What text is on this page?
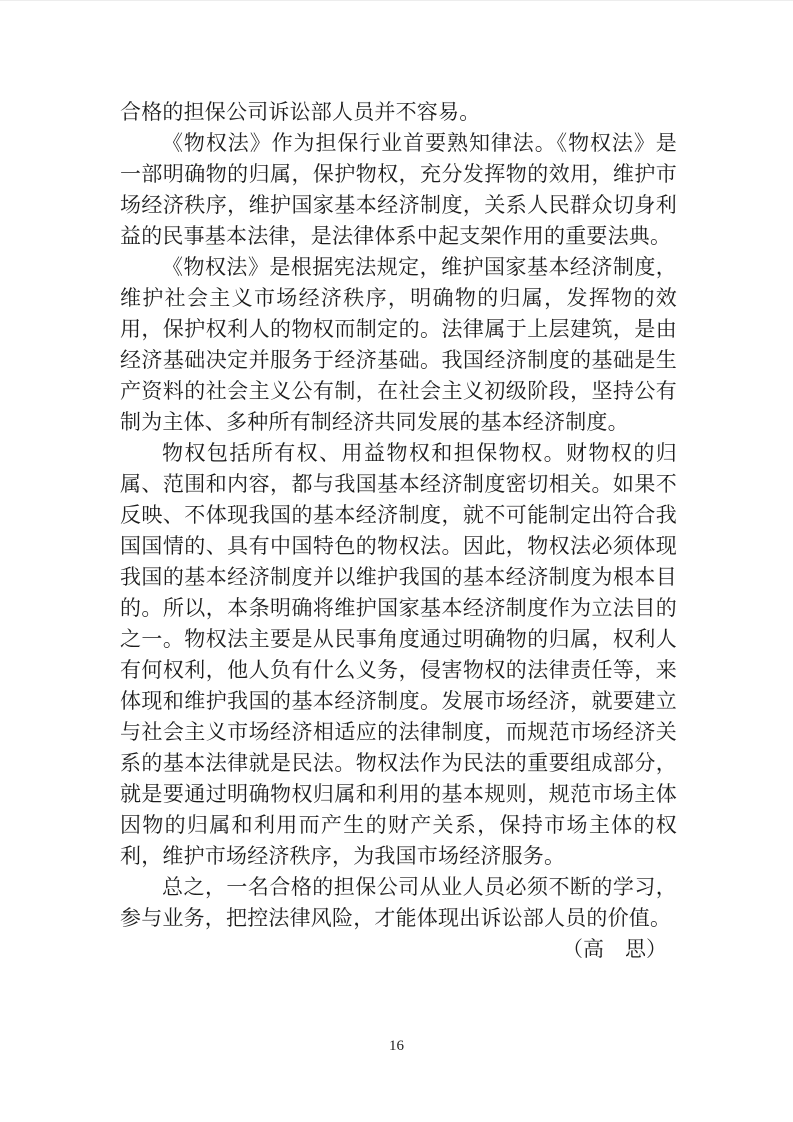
合格的担保公司诉讼部人员并不容易。

《物权法》作为担保行业首要熟知律法。《物权法》是一部明确物的归属，保护物权，充分发挥物的效用，维护市场经济秩序，维护国家基本经济制度，关系人民群众切身利益的民事基本法律，是法律体系中起支架作用的重要法典。

《物权法》是根据宪法规定，维护国家基本经济制度，维护社会主义市场经济秩序，明确物的归属，发挥物的效用，保护权利人的物权而制定的。法律属于上层建筑，是由经济基础决定并服务于经济基础。我国经济制度的基础是生产资料的社会主义公有制，在社会主义初级阶段，坚持公有制为主体、多种所有制经济共同发展的基本经济制度。

物权包括所有权、用益物权和担保物权。财物权的归属、范围和内容，都与我国基本经济制度密切相关。如果不反映、不体现我国的基本经济制度，就不可能制定出符合我国国情的、具有中国特色的物权法。因此，物权法必须体现我国的基本经济制度并以维护我国的基本经济制度为根本目的。所以，本条明确将维护国家基本经济制度作为立法目的之一。物权法主要是从民事角度通过明确物的归属，权利人有何权利，他人负有什么义务，侵害物权的法律责任等，来体现和维护我国的基本经济制度。发展市场经济，就要建立与社会主义市场经济相适应的法律制度，而规范市场经济关系的基本法律就是民法。物权法作为民法的重要组成部分，就是要通过明确物权归属和利用的基本规则，规范市场主体因物的归属和利用而产生的财产关系，保持市场主体的权利，维护市场经济秩序，为我国市场经济服务。

总之，一名合格的担保公司从业人员必须不断的学习，参与业务，把控法律风险，才能体现出诉讼部人员的价值。

（高　思）

16
